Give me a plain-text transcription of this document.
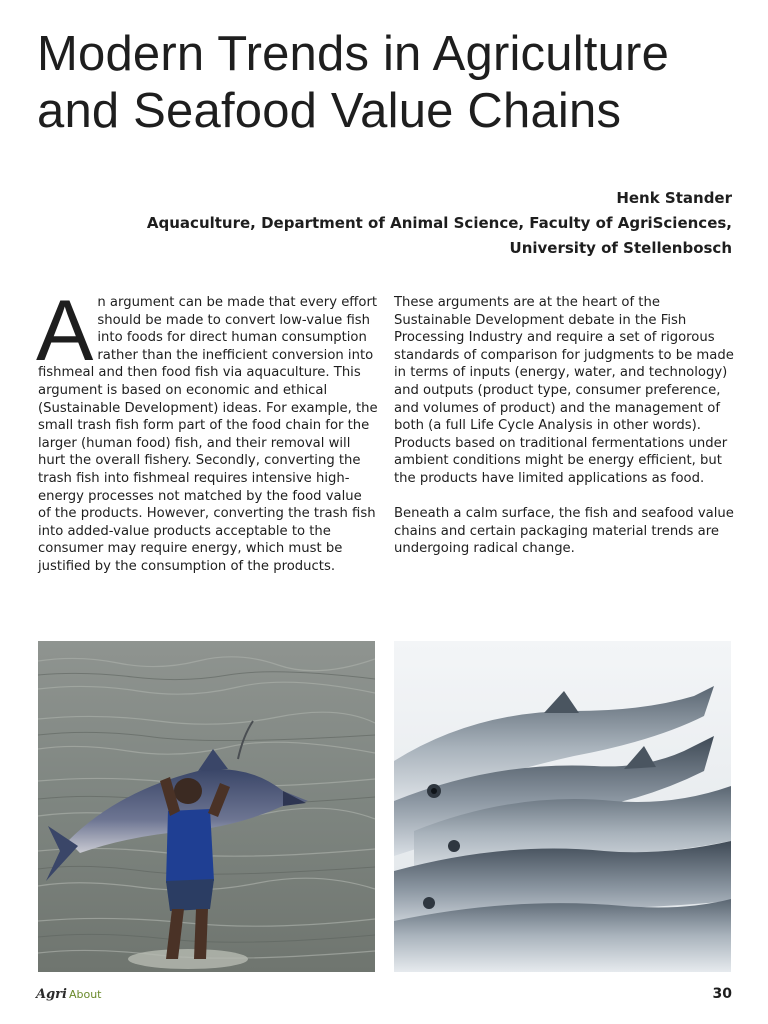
Modern Trends in Agriculture
and Seafood Value Chains
Henk Stander
Aquaculture, Department of Animal Science, Faculty of AgriSciences,
University of Stellenbosch

An argument can be made that every effort should be made to convert low-value fish into foods for direct human consumption rather than the inefficient conversion into fishmeal and then food fish via aquaculture. This argument is based on economic and ethical (Sustainable Development) ideas. For example, the small trash fish form part of the food chain for the larger (human food) fish, and their removal will hurt the overall fishery. Secondly, converting the trash fish into fishmeal requires intensive high-energy processes not matched by the food value of the products. However, converting the trash fish into added-value products acceptable to the consumer may require energy, which must be justified by the consumption of the products.

These arguments are at the heart of the Sustainable Development debate in the Fish Processing Industry and require a set of rigorous standards of comparison for judgments to be made in terms of inputs (energy, water, and technology) and outputs (product type, consumer preference, and volumes of product) and the management of both (a full Life Cycle Analysis in other words). Products based on traditional fermentations under ambient conditions might be energy efficient, but the products have limited applications as food.

Beneath a calm surface, the fish and seafood value chains and certain packaging material trends are undergoing radical change.

Agri About	30
